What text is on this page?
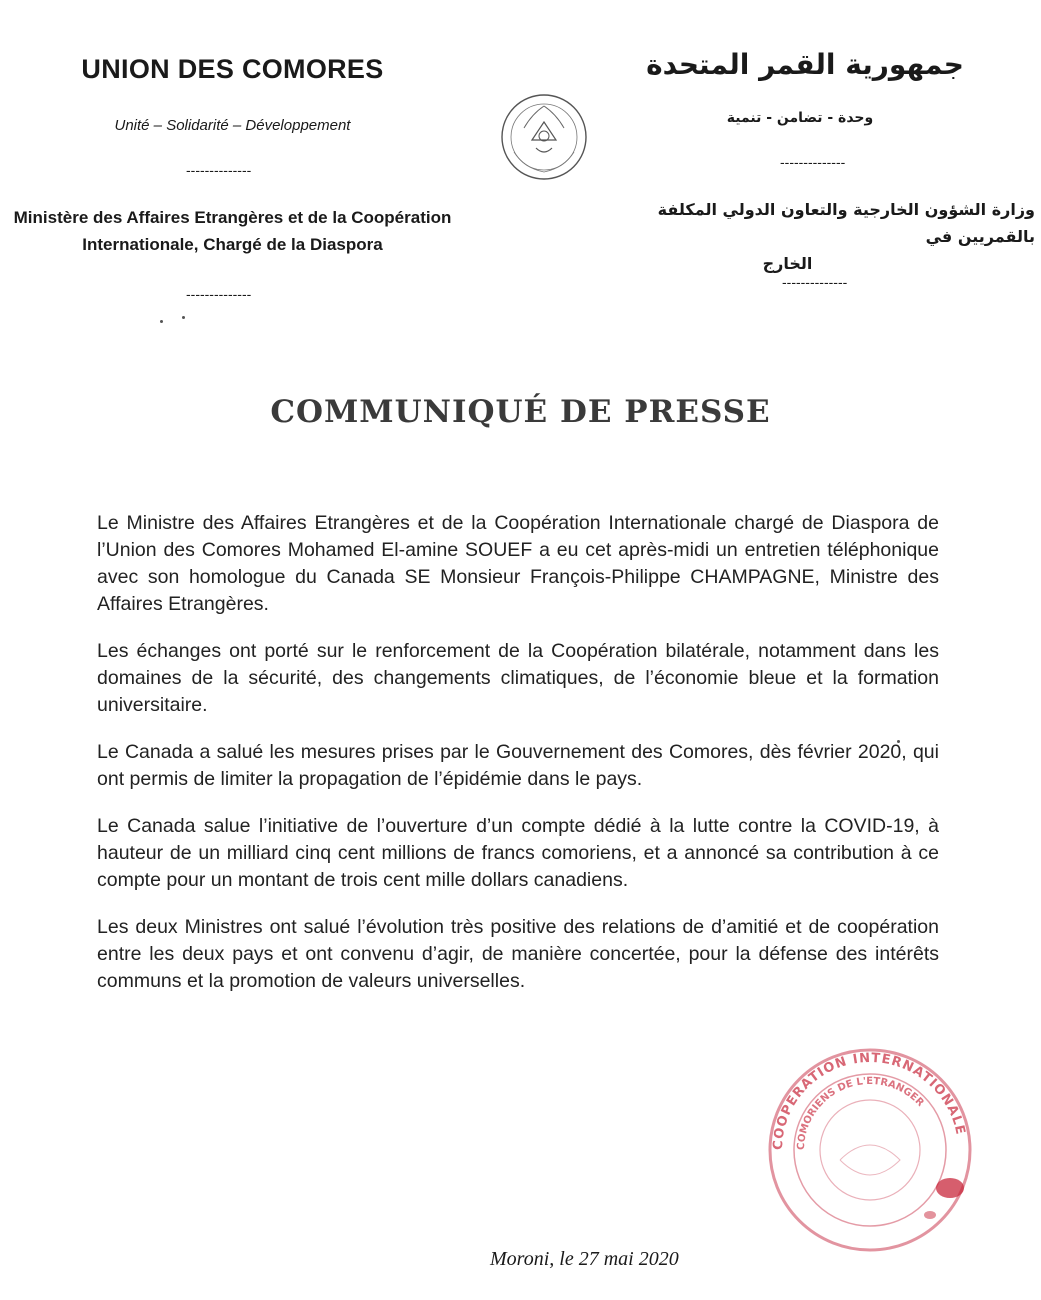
UNION DES COMORES
Unité – Solidarité – Développement
--------------
Ministère des Affaires Etrangères et de la Coopération
Internationale, Chargé de la Diaspora
--------------
جمهورية القمر المتحدة
وحدة - تضامن - تنمية
--------------
وزارة الشؤون الخارجية والتعاون الدولي المكلفة بالقمريين في
الخارج
--------------
COMMUNIQUÉ DE PRESSE

Le Ministre des Affaires Etrangères et de la Coopération Internationale chargé de Diaspora de l’Union des Comores Mohamed El-amine SOUEF a eu cet après-midi un entretien téléphonique avec son homologue du Canada SE Monsieur François-Philippe CHAMPAGNE, Ministre des Affaires Etrangères.

Les échanges ont porté sur le renforcement de la Coopération bilatérale, notamment dans les domaines de la sécurité, des changements climatiques, de l’économie bleue et la formation universitaire.

Le Canada a salué les mesures prises par le Gouvernement des Comores, dès février 2020, qui ont permis de limiter la propagation de l’épidémie dans le pays.

Le Canada salue l’initiative de l’ouverture d’un compte dédié à la lutte contre la COVID-19, à hauteur de un milliard cinq cent millions de francs comoriens, et a annoncé sa contribution à ce compte pour un montant de trois cent mille dollars canadiens.

Les deux Ministres ont salué l’évolution très positive des relations de d’amitié et de coopération entre les deux pays et ont convenu d’agir, de manière concertée, pour la défense des intérêts communs et la promotion de valeurs universelles.

COOPERATION INTERNATIONALE
COMORIENS DE L'ETRANGER
Moroni, le 27 mai 2020
